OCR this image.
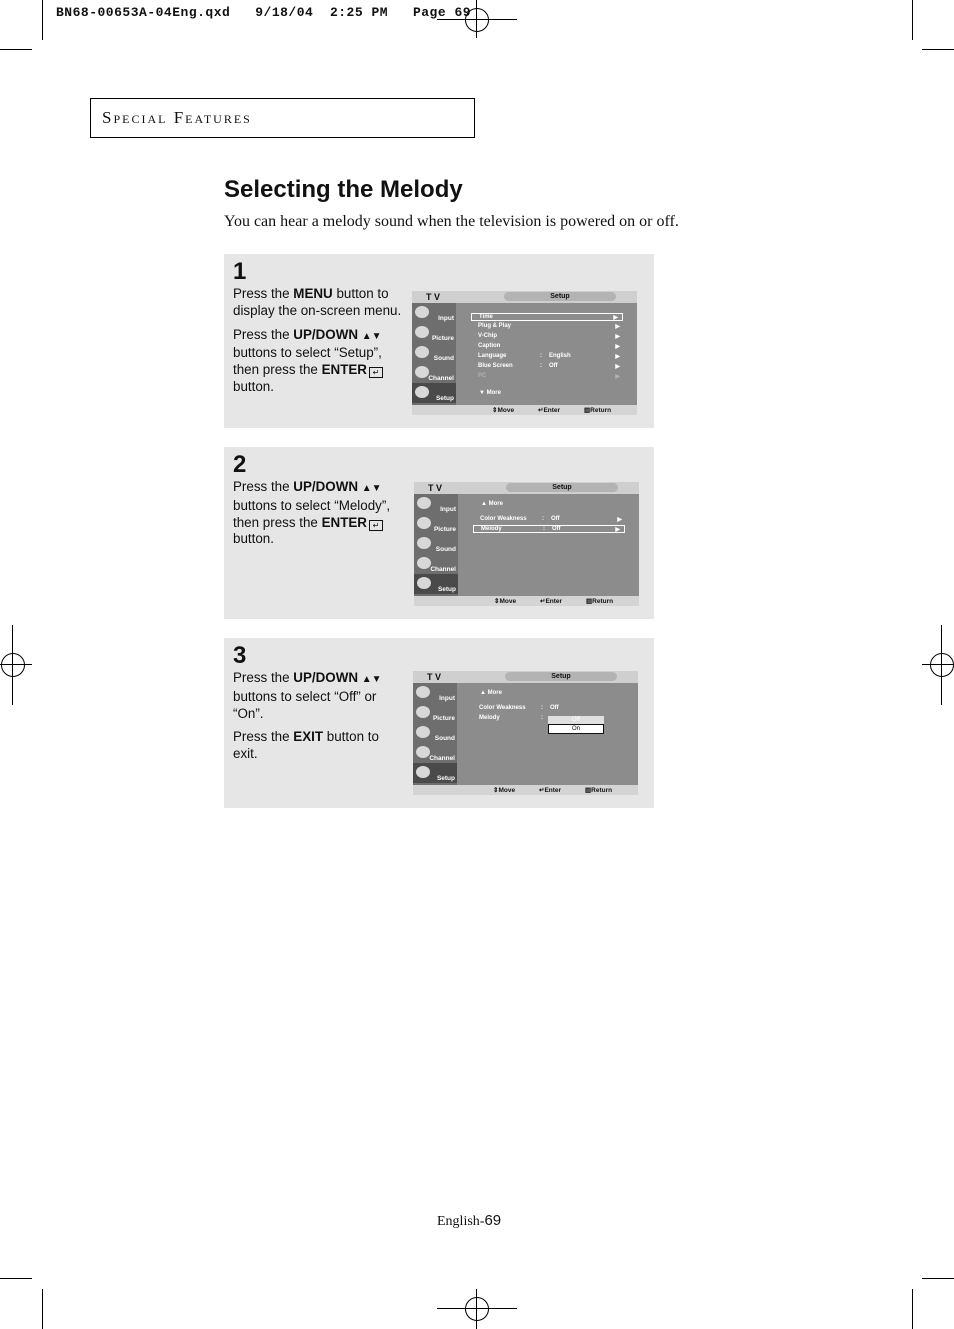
BN68-00653A-04Eng.qxd   9/18/04  2:25 PM   Page 69
Special Features
Selecting the Melody
You can hear a melody sound when the television is powered on or off.
1

Press the MENU button to display the on-screen menu.

Press the UP/DOWN ▲▼ buttons to select “Setup”, then press the ENTER ↵ button.

T V	Setup
Input
Picture
Sound
Channel
Setup
Time	▶
Plug & Play	▶
V-Chip	▶
Caption	▶
Language	: English	▶
Blue Screen	: Off	▶
PC	▶
▼ More
⇕ Move	↵ Enter	▥ Return
2

Press the UP/DOWN ▲▼ buttons to select “Melody”, then press the ENTER ↵ button.

T V	Setup
Input
Picture
Sound
Channel
Setup
▲ More
Color Weakness	: Off	▶
Melody	: Off	▶
⇕ Move	↵ Enter	▥ Return
3

Press the UP/DOWN ▲▼ buttons to select “Off” or “On”.

Press the EXIT button to exit.

T V	Setup
Input
Picture
Sound
Channel
Setup
▲ More
Color Weakness	: Off
Melody	:	Off
On
⇕ Move	↵ Enter	▥ Return
English-69
